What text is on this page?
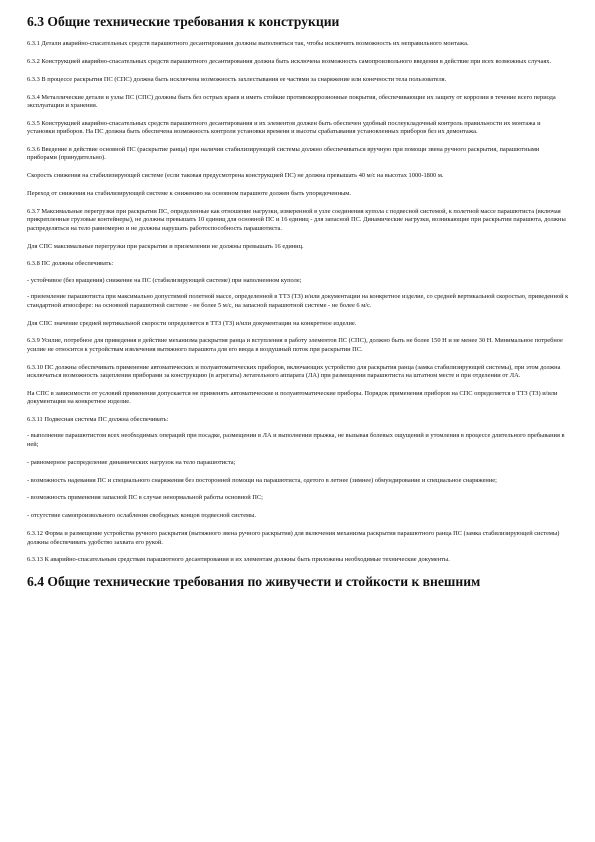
6.3 Общие технические требования к конструкции

6.3.1 Детали аварийно-спасательных средств парашютного десантирования должны выполняться так, чтобы исключить возможность их неправильного монтажа.

6.3.2 Конструкцией аварийно-спасательных средств парашютного десантирования должна быть исключена возможность самопроизвольного введения в действие при всех возможных случаях.

6.3.3 В процессе раскрытия ПС (СПС) должна быть исключена возможность захлестывания ее частями за снаряжение или конечности тела пользователя.

6.3.4 Металлические детали и узлы ПС (СПС) должны быть без острых краев и иметь стойкие противокоррозионные покрытия, обеспечивающие их защиту от коррозии в течение всего периода эксплуатации и хранения.

6.3.5 Конструкцией аварийно-спасательных средств парашютного десантирования и их элементов должен быть обеспечен удобный послеукладочный контроль правильности их монтажа и установки приборов. На ПС должна быть обеспечена возможность контроля установки времени и высоты срабатывания установленных приборов без их демонтажа.

6.3.6 Введение в действие основной ПС (раскрытие ранца) при наличии стабилизирующей системы должно обеспечиваться вручную при помощи звена ручного раскрытия, парашютными приборами (принудительно).

Скорость снижения на стабилизирующей системе (если таковая предусмотрена конструкцией ПС) не должна превышать 40 м/с на высотах 1000-1800 м.

Переход от снижения на стабилизирующей системе к снижению на основном парашюте должен быть упорядоченным.

6.3.7 Максимальные перегрузки при раскрытии ПС, определенные как отношение нагрузки, измеренной в узле соединения купола с подвесной системой, к полетной массе парашютиста (включая прикрепленные грузовые контейнеры), не должны превышать 10 единиц для основной ПС и 16 единиц - для запасной ПС. Динамические нагрузки, возникающие при раскрытии парашюта, должны распределяться на тело равномерно и не должны нарушать работоспособность парашютиста.

Для СПС максимальные перегрузки при раскрытии и приземлении не должны превышать 16 единиц.

6.3.8 ПС должны обеспечивать:

- устойчивое (без вращения) снижение на ПС (стабилизирующей системе) при наполненном куполе;

- приземление парашютиста при максимально допустимой полетной массе, определенной в ТТЗ (ТЗ) и/или документации на конкретное изделие, со средней вертикальной скоростью, приведенной к стандартной атмосфере: на основной парашютной системе - не более 5 м/с, на запасной парашютной системе - не более 6 м/с.

Для СПС значение средней вертикальной скорости определяется в ТТЗ (ТЗ) и/или документации на конкретное изделие.

6.3.9 Усилие, потребное для приведения в действие механизма раскрытия ранца и вступления в работу элементов ПС (СПС), должно быть не более 150 Н и не менее 30 Н. Минимальное потребное усилие не относится к устройствам извлечения вытяжного парашюта для его ввода в воздушный поток при раскрытии ПС.

6.3.10 ПС должны обеспечивать применение автоматических и полуавтоматических приборов, включающих устройство для раскрытия ранца (замка стабилизирующей системы), при этом должна исключаться возможность зацепления приборами за конструкцию (в агрегаты) летательного аппарата (ЛА) при размещении парашютиста на штатном месте и при отделении от ЛА.

На СПС в зависимости от условий применения допускается не применять автоматические и полуавтоматические приборы. Порядок применения приборов на СПС определяется в ТТЗ (ТЗ) и/или документации на конкретное изделие.

6.3.11 Подвесная система ПС должна обеспечивать:

- выполнение парашютистом всех необходимых операций при посадке, размещении в ЛА и выполнении прыжка, не вызывая болевых ощущений и утомления в процессе длительного пребывания в ней;

- равномерное распределение динамических нагрузок на тело парашютиста;

- возможность надевания ПС и специального снаряжения без посторонней помощи на парашютиста, одетого в летнее (зимнее) обмундирование и специальное снаряжение;

- возможность применения запасной ПС в случае ненормальной работы основной ПС;

- отсутствие самопроизвольного ослабления свободных концов подвесной системы.

6.3.12 Форма и размещение устройства ручного раскрытия (вытяжного звена ручного раскрытия) для включения механизма раскрытия парашютного ранца ПС (замка стабилизирующей системы) должны обеспечивать удобство захвата его рукой.

6.3.13 К аварийно-спасательным средствам парашютного десантирования и их элементам должны быть приложены необходимые технические документы.

6.4 Общие технические требования по живучести и стойкости к внешним
